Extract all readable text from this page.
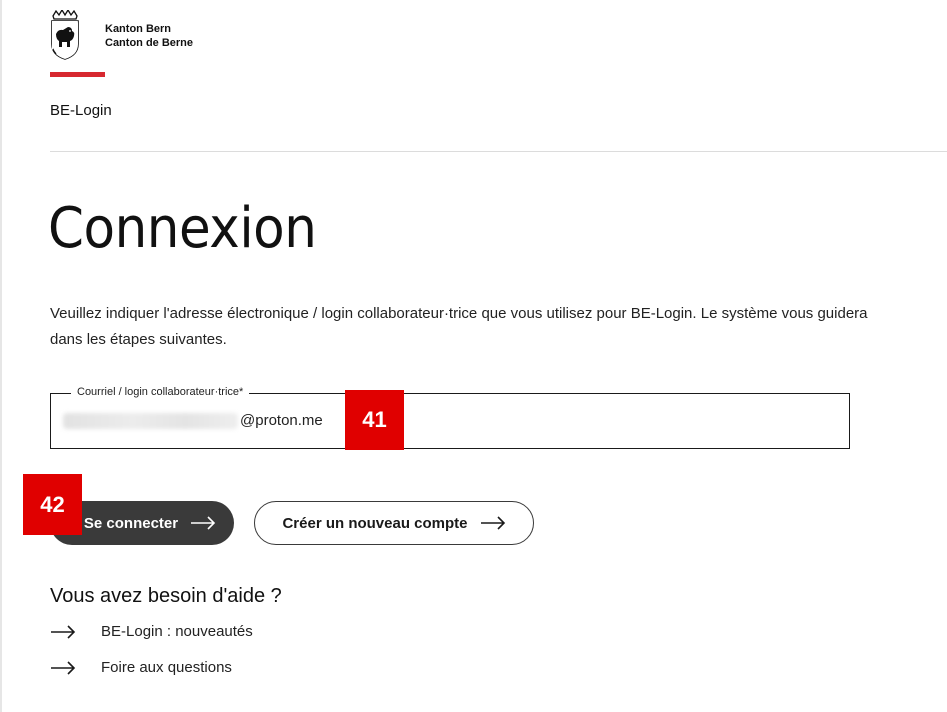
Kanton Bern
Canton de Berne
BE-Login
Connexion
Veuillez indiquer l'adresse électronique / login collaborateur·trice que vous utilisez pour BE-Login. Le système vous guidera dans les étapes suivantes.
Courriel / login collaborateur·trice*
@proton.me	41
Se connecter
42
Créer un nouveau compte
Vous avez besoin d'aide ?
BE-Login : nouveautés
Foire aux questions
